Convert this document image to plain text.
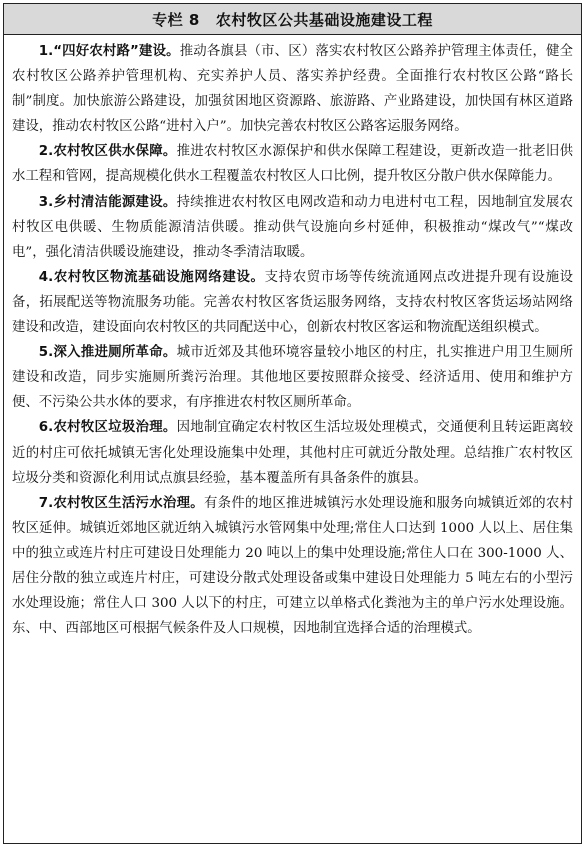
专栏 8 农村牧区公共基础设施建设工程

1.“四好农村路”建设。推动各旗县（市、区）落实农村牧区公路养护管理主体责任，健全农村牧区公路养护管理机构、充实养护人员、落实养护经费。全面推行农村牧区公路“路长制”制度。加快旅游公路建设，加强贫困地区资源路、旅游路、产业路建设，加快国有林区道路建设，推动农村牧区公路“进村入户”。加快完善农村牧区公路客运服务网络。

2.农村牧区供水保障。推进农村牧区水源保护和供水保障工程建设，更新改造一批老旧供水工程和管网，提高规模化供水工程覆盖农村牧区人口比例，提升牧区分散户供水保障能力。

3.乡村清洁能源建设。持续推进农村牧区电网改造和动力电进村屯工程，因地制宜发展农村牧区电供暖、生物质能源清洁供暖。推动供气设施向乡村延伸，积极推动“煤改气”“煤改电”，强化清洁供暖设施建设，推动冬季清洁取暖。

4.农村牧区物流基础设施网络建设。支持农贸市场等传统流通网点改进提升现有设施设备，拓展配送等物流服务功能。完善农村牧区客货运服务网络，支持农村牧区客货运场站网络建设和改造，建设面向农村牧区的共同配送中心，创新农村牧区客运和物流配送组织模式。

5.深入推进厕所革命。城市近郊及其他环境容量较小地区的村庄，扎实推进户用卫生厕所建设和改造，同步实施厕所粪污治理。其他地区要按照群众接受、经济适用、使用和维护方便、不污染公共水体的要求，有序推进农村牧区厕所革命。

6.农村牧区垃圾治理。因地制宜确定农村牧区生活垃圾处理模式，交通便利且转运距离较近的村庄可依托城镇无害化处理设施集中处理，其他村庄可就近分散处理。总结推广农村牧区垃圾分类和资源化利用试点旗县经验，基本覆盖所有具备条件的旗县。

7.农村牧区生活污水治理。有条件的地区推进城镇污水处理设施和服务向城镇近郊的农村牧区延伸。城镇近郊地区就近纳入城镇污水管网集中处理;常住人口达到 1000 人以上、居住集中的独立或连片村庄可建设日处理能力 20 吨以上的集中处理设施;常住人口在 300-1000 人、居住分散的独立或连片村庄，可建设分散式处理设备或集中建设日处理能力 5 吨左右的小型污水处理设施；常住人口 300 人以下的村庄，可建立以单格式化粪池为主的单户污水处理设施。东、中、西部地区可根据气候条件及人口规模，因地制宜选择合适的治理模式。
